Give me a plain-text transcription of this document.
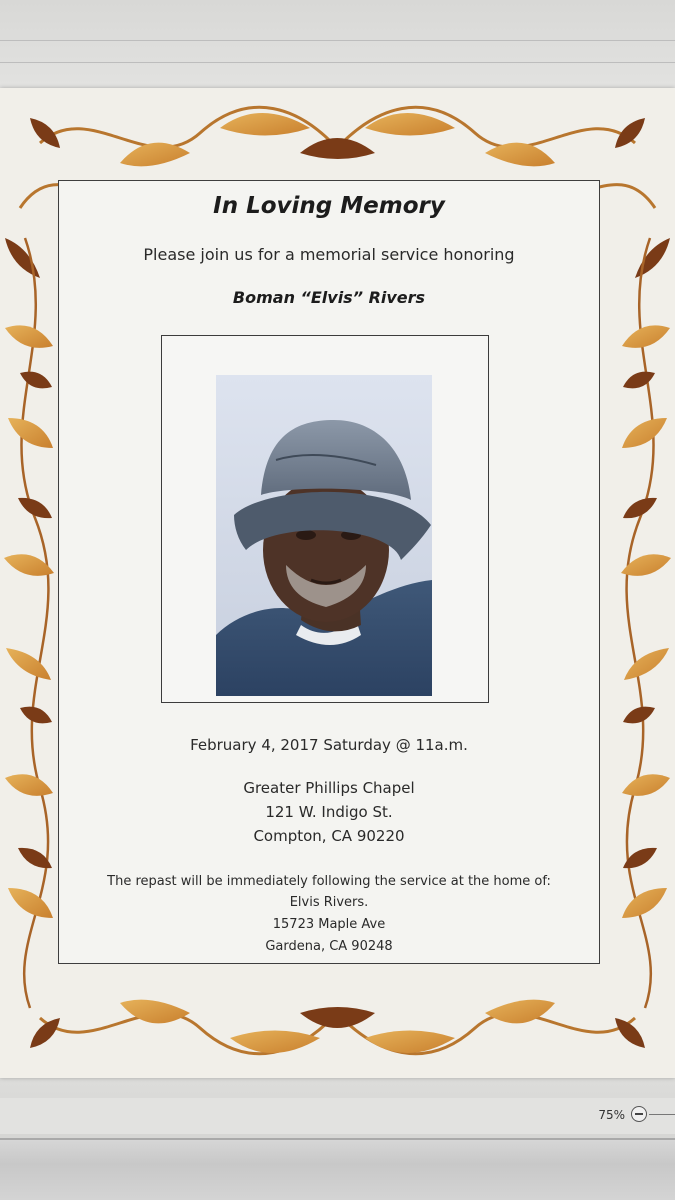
In Loving Memory
Please join us for a memorial service honoring
Boman “Elvis” Rivers
February 4, 2017 Saturday @ 11a.m.
Greater Phillips Chapel
121 W. Indigo St.
Compton, CA 90220
The repast will be immediately following the service at the home of:
Elvis Rivers.
15723 Maple Ave
Gardena, CA 90248
75%
